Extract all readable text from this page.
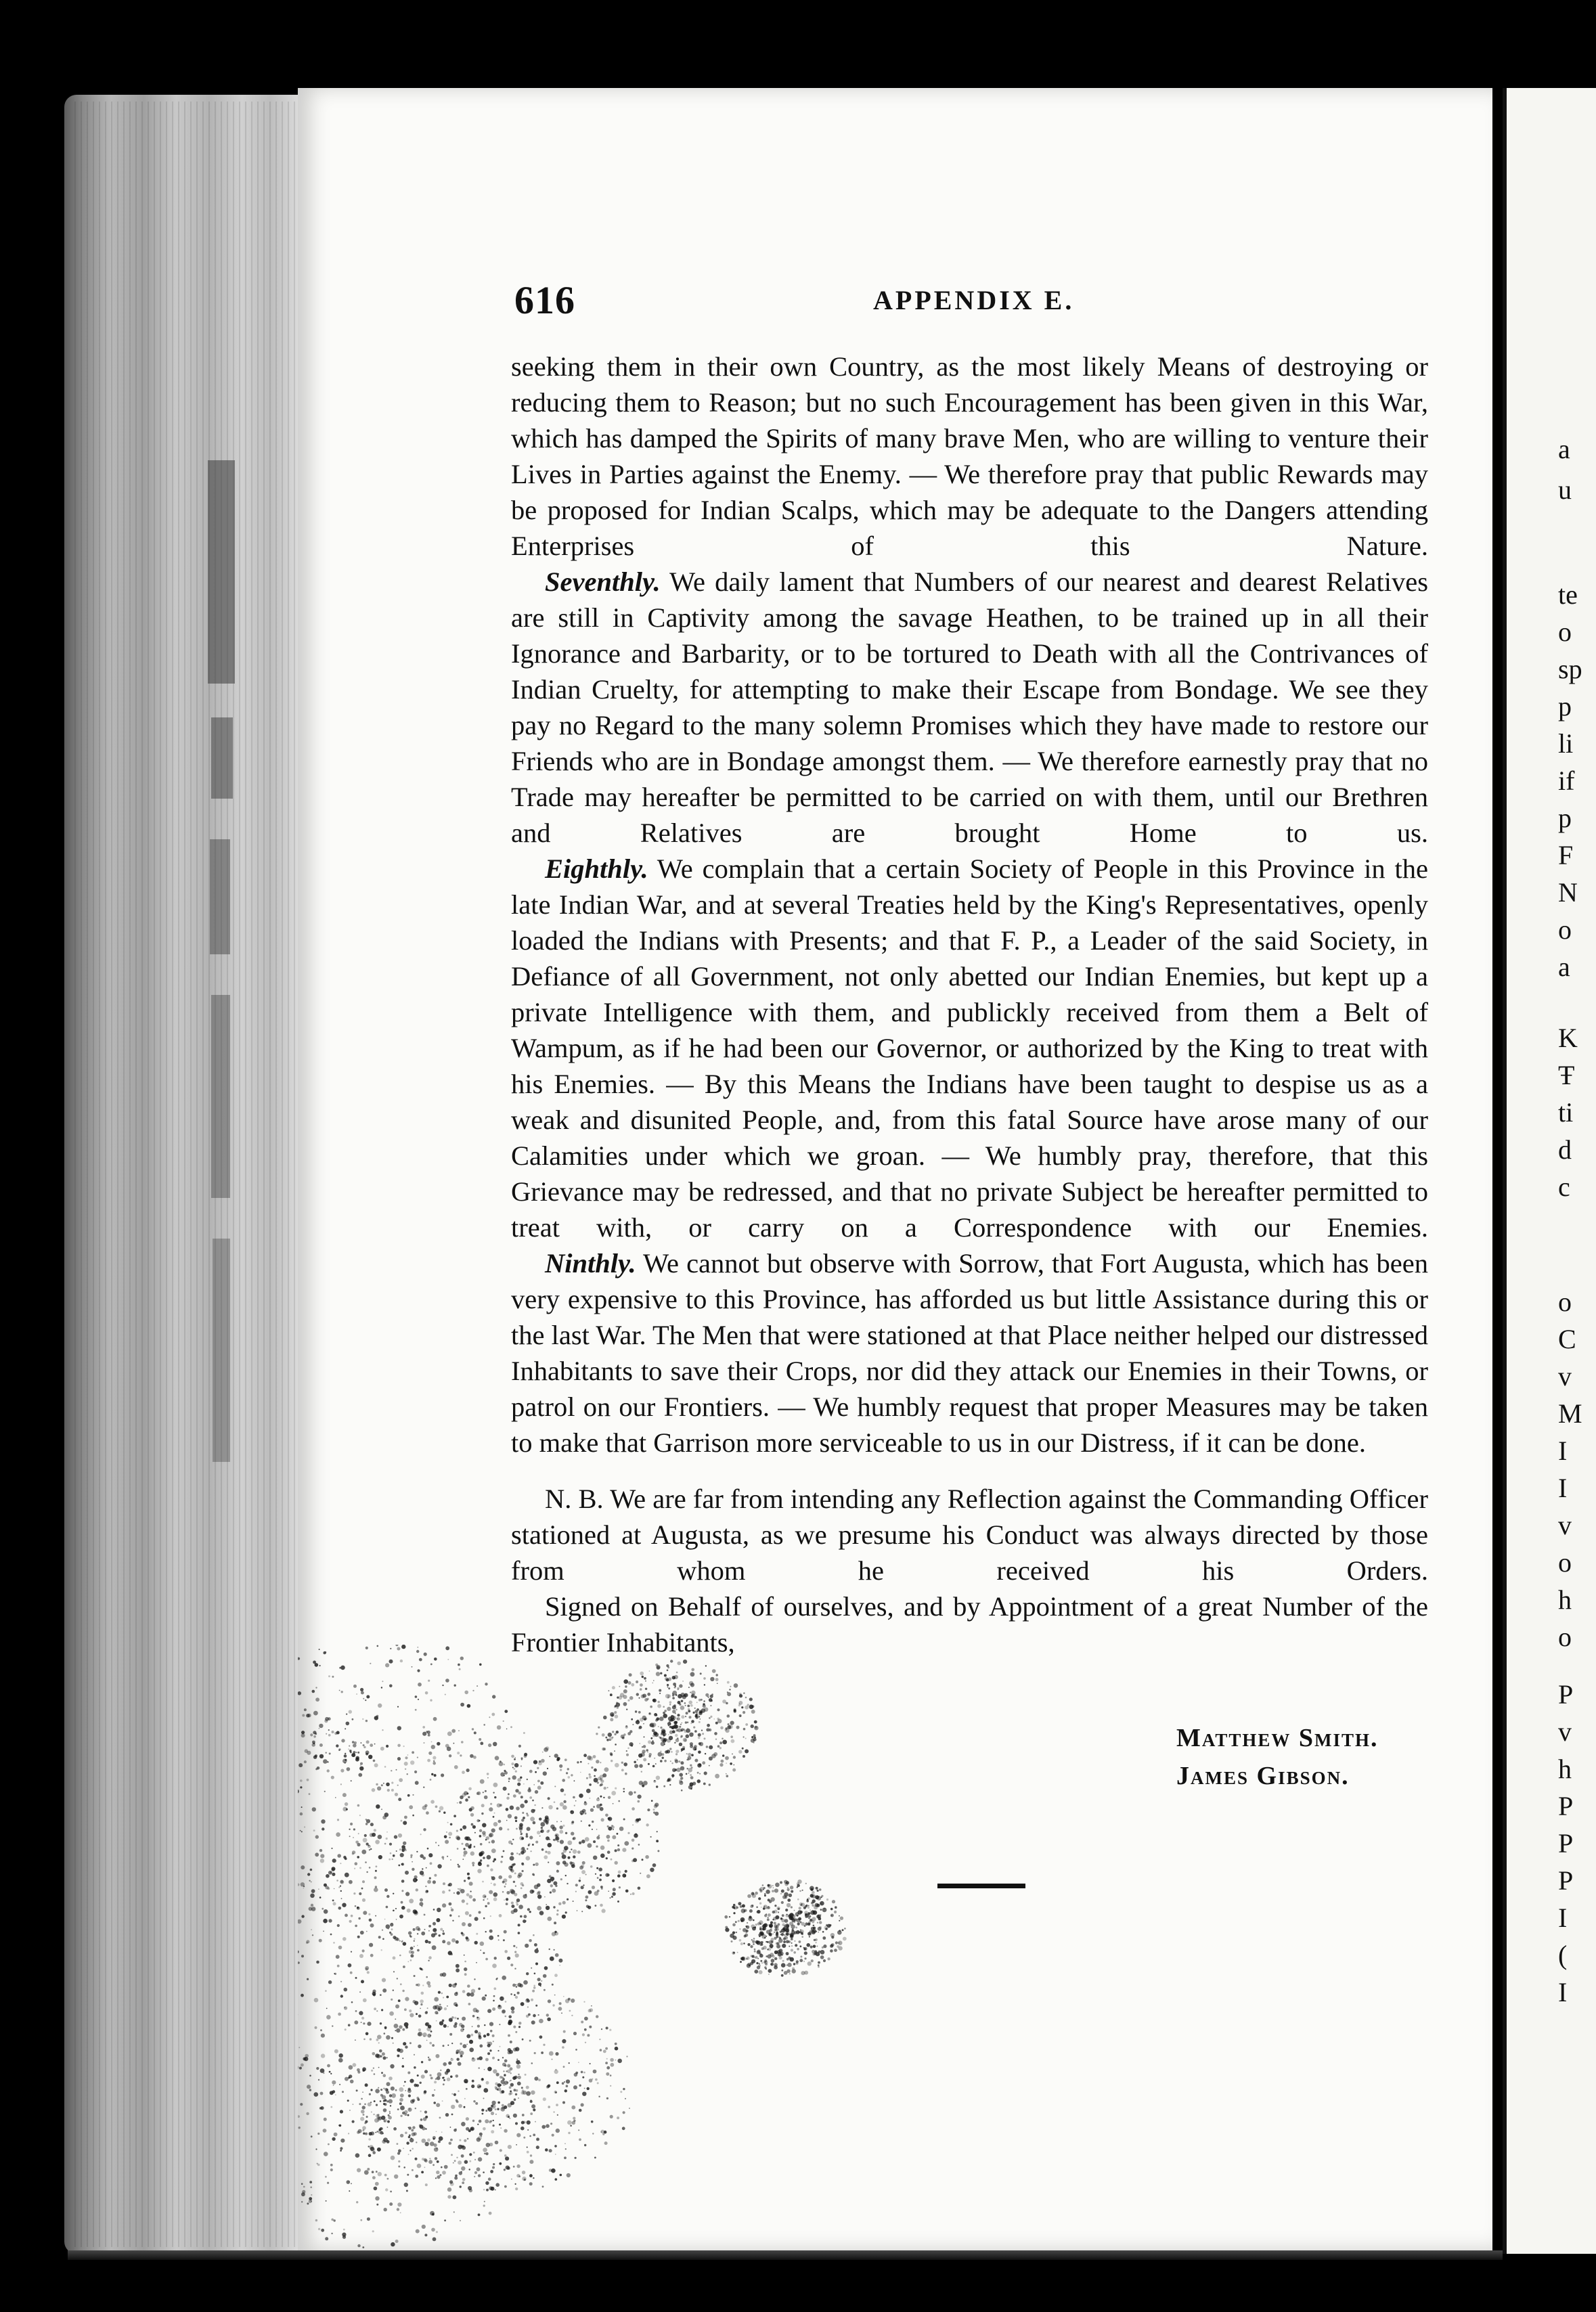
a
u
te
o
sp
p
li
if
p
F
N
o
a
K
Ŧ
ti
d
c
o
C
v
M
I
I
v
o
h
o
P
v
h
P
P
P
I
(
I
616	APPENDIX E.

seeking them in their own Country, as the most likely Means of destroying or reducing them to Reason; but no such Encouragement has been given in this War, which has damped the Spirits of many brave Men, who are willing to venture their Lives in Parties against the Enemy. — We therefore pray that public Rewards may be proposed for Indian Scalps, which may be adequate to the Dangers attending Enterprises of this Nature.

Seventhly. We daily lament that Numbers of our nearest and dearest Relatives are still in Captivity among the savage Heathen, to be trained up in all their Ignorance and Barbarity, or to be tortured to Death with all the Contrivances of Indian Cruelty, for attempting to make their Escape from Bondage. We see they pay no Regard to the many solemn Promises which they have made to restore our Friends who are in Bondage amongst them. — We therefore earnestly pray that no Trade may hereafter be permitted to be carried on with them, until our Brethren and Relatives are brought Home to us.

Eighthly. We complain that a certain Society of People in this Province in the late Indian War, and at several Treaties held by the King's Representatives, openly loaded the Indians with Presents; and that F. P., a Leader of the said Society, in Defiance of all Government, not only abetted our Indian Enemies, but kept up a private Intelligence with them, and publickly received from them a Belt of Wampum, as if he had been our Governor, or authorized by the King to treat with his Enemies. — By this Means the Indians have been taught to despise us as a weak and disunited People, and, from this fatal Source have arose many of our Calamities under which we groan. — We humbly pray, therefore, that this Grievance may be redressed, and that no private Subject be hereafter permitted to treat with, or carry on a Correspondence with our Enemies.

Ninthly. We cannot but observe with Sorrow, that Fort Augusta, which has been very expensive to this Province, has afforded us but little Assistance during this or the last War. The Men that were stationed at that Place neither helped our distressed Inhabitants to save their Crops, nor did they attack our Enemies in their Towns, or patrol on our Frontiers. — We humbly request that proper Measures may be taken to make that Garrison more serviceable to us in our Distress, if it can be done.

N. B. We are far from intending any Reflection against the Commanding Officer stationed at Augusta, as we presume his Conduct was always directed by those from whom he received his Orders.

Signed on Behalf of ourselves, and by Appointment of a great Number of the Frontier Inhabitants,

Matthew Smith.
James Gibson.
